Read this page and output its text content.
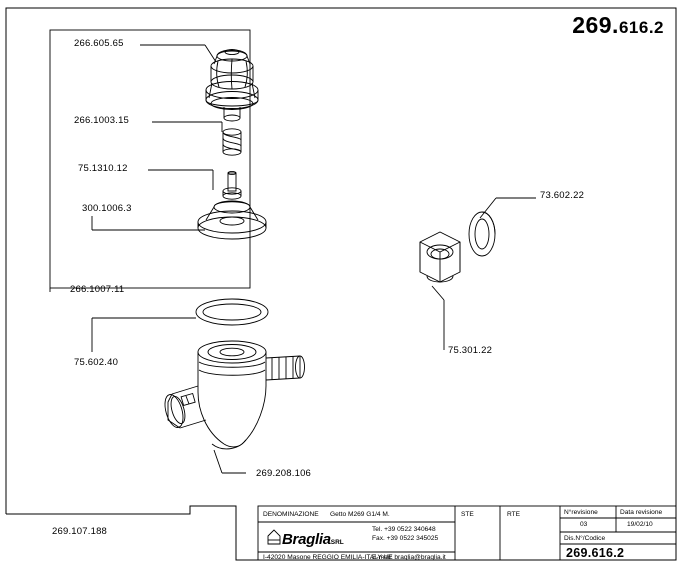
269.616.2
266.605.65
266.1003.15
75.1310.12
300.1006.3
266.1007.11
75.602.40
269.208.106
269.107.188
73.602.22
75.301.22
DENOMINAZIONE Getto M269 G1/4 M.
BragliaSRL
I-42020 Masone REGGIO EMILIA-ITALY-UE
Tel. +39 0522 340648
Fax. +39 0522 345025
E-mail: braglia@braglia.it
STE	RTE	N°revisione	Data revisione
03	19/02/10
Dis.N°/Codice
269.616.2
